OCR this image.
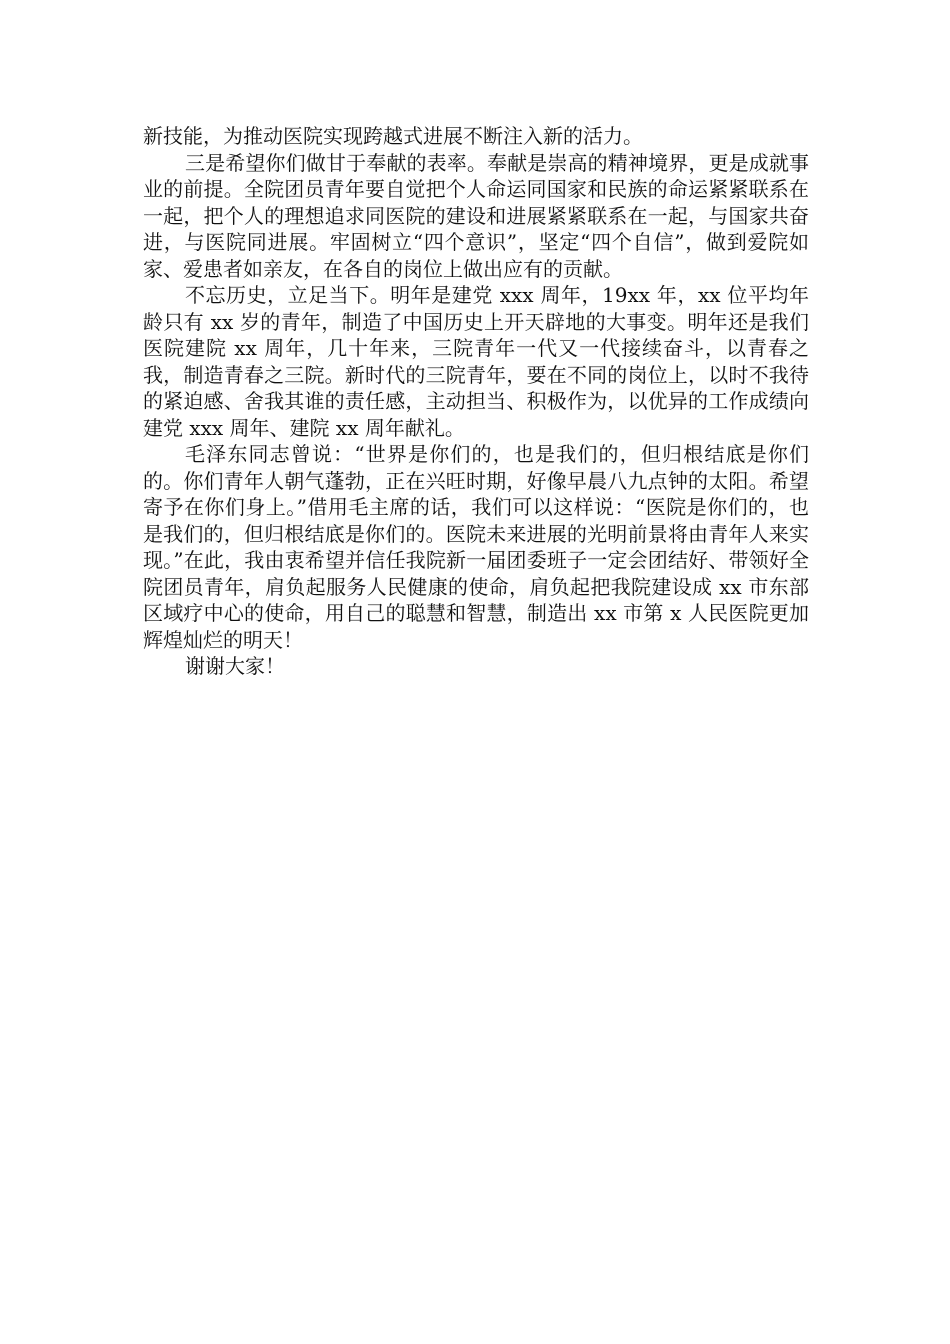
新技能，为推动医院实现跨越式进展不断注入新的活力。

三是希望你们做甘于奉献的表率。奉献是崇高的精神境界，更是成就事业的前提。全院团员青年要自觉把个人命运同国家和民族的命运紧紧联系在一起，把个人的理想追求同医院的建设和进展紧紧联系在一起，与国家共奋进，与医院同进展。牢固树立“四个意识”，坚定“四个自信”，做到爱院如家、爱患者如亲友，在各自的岗位上做出应有的贡献。

不忘历史，立足当下。明年是建党 xxx 周年，19xx 年，xx 位平均年龄只有 xx 岁的青年，制造了中国历史上开天辟地的大事变。明年还是我们医院建院 xx 周年，几十年来，三院青年一代又一代接续奋斗，以青春之我，制造青春之三院。新时代的三院青年，要在不同的岗位上，以时不我待的紧迫感、舍我其谁的责任感，主动担当、积极作为，以优异的工作成绩向建党 xxx 周年、建院 xx 周年献礼。

毛泽东同志曾说：“世界是你们的，也是我们的，但归根结底是你们的。你们青年人朝气蓬勃，正在兴旺时期，好像早晨八九点钟的太阳。希望寄予在你们身上。”借用毛主席的话，我们可以这样说：“医院是你们的，也是我们的，但归根结底是你们的。医院未来进展的光明前景将由青年人来实现。”在此，我由衷希望并信任我院新一届团委班子一定会团结好、带领好全院团员青年，肩负起服务人民健康的使命，肩负起把我院建设成 xx 市东部区域疗中心的使命，用自己的聪慧和智慧，制造出 xx 市第 x 人民医院更加辉煌灿烂的明天！

谢谢大家！
